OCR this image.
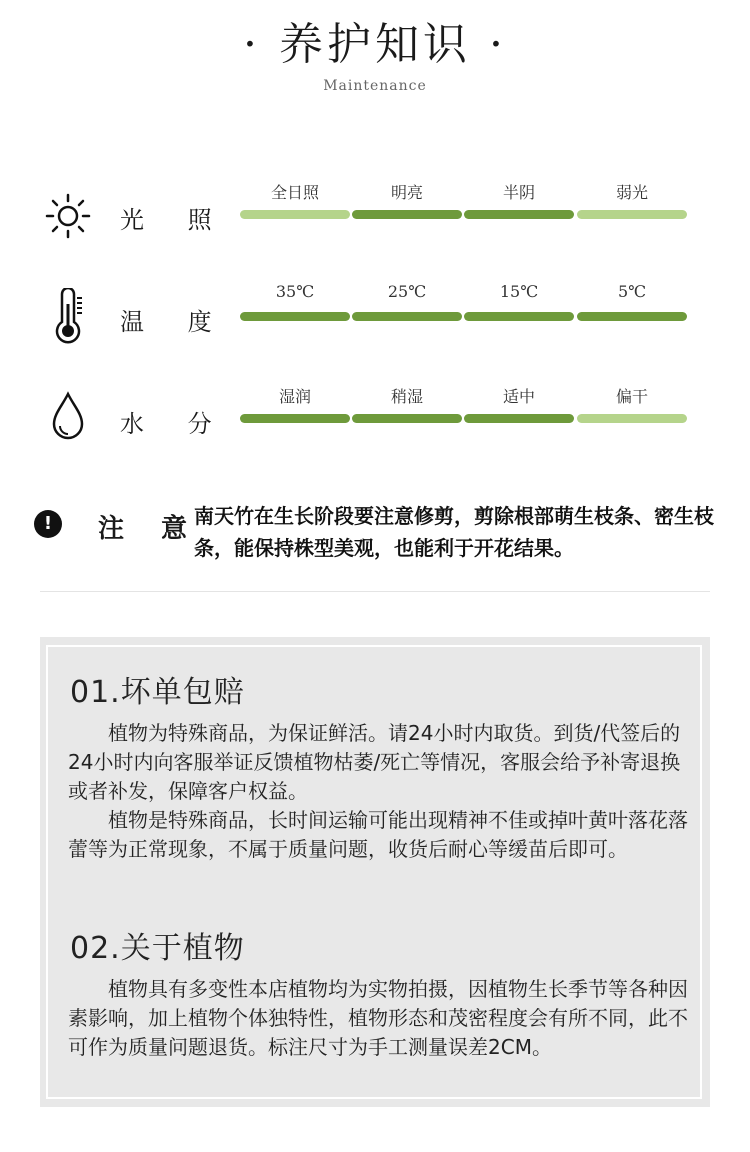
· 养护知识 ·
Maintenance
光 照
全日照	明亮	半阴	弱光
温 度
35℃	25℃	15℃	5℃
水 分
湿润	稍湿	适中	偏干
!	注 意
南天竹在生长阶段要注意修剪，剪除根部萌生枝条、密生枝条，能保持株型美观，也能利于开花结果。
01.坏单包赔
植物为特殊商品，为保证鲜活。请24小时内取货。到货/代签后的24小时内向客服举证反馈植物枯萎/死亡等情况，客服会给予补寄退换或者补发，保障客户权益。
植物是特殊商品，长时间运输可能出现精神不佳或掉叶黄叶落花落蕾等为正常现象，不属于质量问题，收货后耐心等缓苗后即可。
02.关于植物
植物具有多变性本店植物均为实物拍摄，因植物生长季节等各种因素影响，加上植物个体独特性，植物形态和茂密程度会有所不同，此不可作为质量问题退货。标注尺寸为手工测量误差2CM。
